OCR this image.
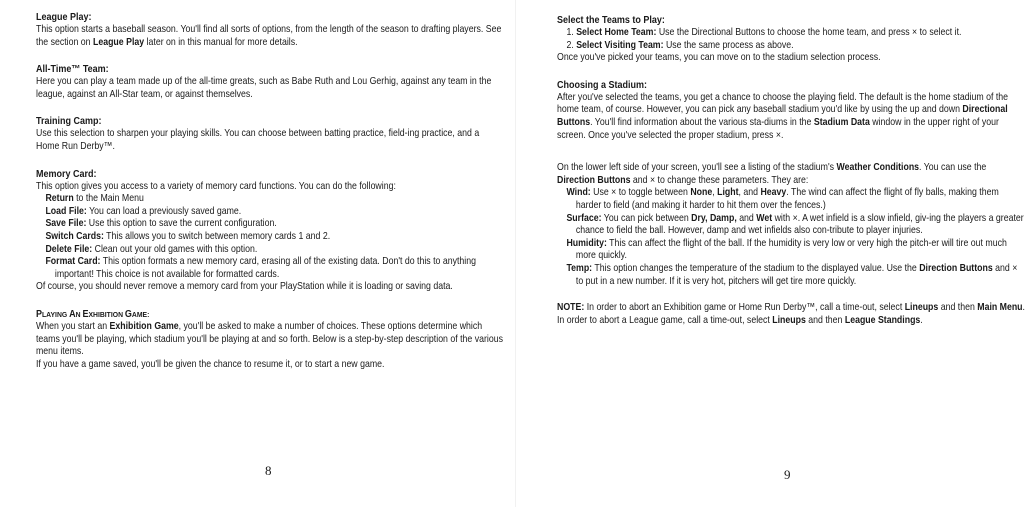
League Play:
This option starts a baseball season. You'll find all sorts of options, from the length of the season to drafting players. See the section on League Play later on in this manual for more details.
All-Time™ Team:
Here you can play a team made up of the all-time greats, such as Babe Ruth and Lou Gerhig, against any team in the league, against an All-Star team, or against themselves.
Training Camp:
Use this selection to sharpen your playing skills. You can choose between batting practice, field-ing practice, and a Home Run Derby™.
Memory Card:
This option gives you access to a variety of memory card functions. You can do the following:
Return to the Main Menu
Load File: You can load a previously saved game.
Save File: Use this option to save the current configuration.
Switch Cards: This allows you to switch between memory cards 1 and 2.
Delete File: Clean out your old games with this option.
Format Card: This option formats a new memory card, erasing all of the existing data. Don't do this to anything important! This choice is not available for formatted cards.
Of course, you should never remove a memory card from your PlayStation while it is loading or saving data.
PLAYING AN EXHIBITION GAME:
When you start an Exhibition Game, you'll be asked to make a number of choices. These options determine which teams you'll be playing, which stadium you'll be playing at and so forth. Below is a step-by-step description of the various menu items.
If you have a game saved, you'll be given the chance to resume it, or to start a new game.
8
Select the Teams to Play:
1. Select Home Team: Use the Directional Buttons to choose the home team, and press × to select it.
2. Select Visiting Team: Use the same process as above.
Once you've picked your teams, you can move on to the stadium selection process.
Choosing a Stadium:
After you've selected the teams, you get a chance to choose the playing field. The default is the home stadium of the home team, of course. However, you can pick any baseball stadium you'd like by using the up and down Directional Buttons. You'll find information about the various sta-diums in the Stadium Data window in the upper right of your screen. Once you've selected the proper stadium, press ×.
On the lower left side of your screen, you'll see a listing of the stadium's Weather Conditions. You can use the Direction Buttons and × to change these parameters. They are:
Wind: Use × to toggle between None, Light, and Heavy. The wind can affect the flight of fly balls, making them harder to field (and making it harder to hit them over the fences.)
Surface: You can pick between Dry, Damp, and Wet with ×. A wet infield is a slow infield, giv-ing the players a greater chance to field the ball. However, damp and wet infields also con-tribute to player injuries.
Humidity: This can affect the flight of the ball. If the humidity is very low or very high the pitch-er will tire out much more quickly.
Temp: This option changes the temperature of the stadium to the displayed value. Use the Direction Buttons and × to put in a new number. If it is very hot, pitchers will get tire more quickly.
NOTE: In order to abort an Exhibition game or Home Run Derby™, call a time-out, select Lineups and then Main Menu. In order to abort a League game, call a time-out, select Lineups and then League Standings.
9
